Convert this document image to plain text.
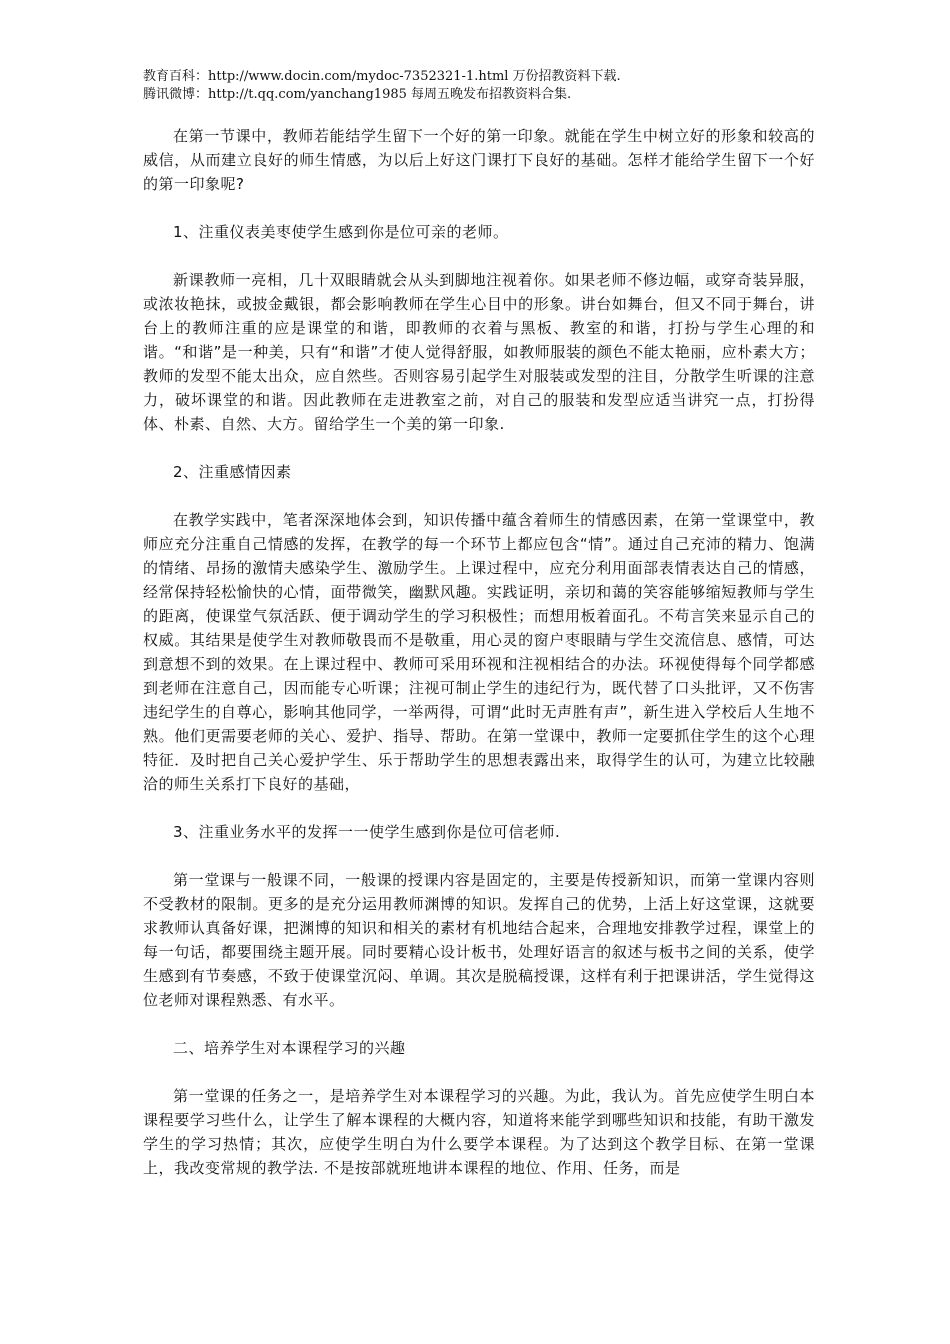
教育百科：http://www.docin.com/mydoc-7352321-1.html 万份招教资料下载.
腾讯微博：http://t.qq.com/yanchang1985 每周五晚发布招教资料合集.

在第一节课中，教师若能结学生留下一个好的第一印象。就能在学生中树立好的形象和较高的威信，从而建立良好的师生情感，为以后上好这门课打下良好的基础。怎样才能给学生留下一个好的第一印象呢?

1、注重仪表美枣使学生感到你是位可亲的老师。

新课教师一亮相，几十双眼睛就会从头到脚地注视着你。如果老师不修边幅，或穿奇装异服，或浓妆艳抹，或披金戴银，都会影响教师在学生心目中的形象。讲台如舞台，但又不同于舞台，讲台上的教师注重的应是课堂的和谐，即教师的衣着与黑板、教室的和谐，打扮与学生心理的和谐。“和谐”是一种美，只有“和谐”才使人觉得舒服，如教师服装的颜色不能太艳丽，应朴素大方；教师的发型不能太出众，应自然些。否则容易引起学生对服装或发型的注目，分散学生听课的注意力，破坏课堂的和谐。因此教师在走进教室之前，对自己的服装和发型应适当讲究一点，打扮得体、朴素、自然、大方。留给学生一个美的第一印象.

2、注重感情因素

在教学实践中，笔者深深地体会到，知识传播中蕴含着师生的情感因素，在第一堂课堂中，教师应充分注重自己情感的发挥，在教学的每一个环节上都应包含“情”。通过自己充沛的精力、饱满的情绪、昂扬的激情夫感染学生、激励学生。上课过程中，应充分利用面部表情表达自己的情感，经常保持轻松愉快的心情，面带微笑，幽默风趣。实践证明，亲切和蔼的笑容能够缩短教师与学生的距离，使课堂气氛活跃、便于调动学生的学习积极性；而想用板着面孔。不苟言笑来显示自己的权威。其结果是使学生对教师敬畏而不是敬重，用心灵的窗户枣眼睛与学生交流信息、感情，可达到意想不到的效果。在上课过程中、教师可采用环视和注视相结合的办法。环视使得每个同学都感到老师在注意自己，因而能专心听课；注视可制止学生的违纪行为，既代替了口头批评，又不伤害违纪学生的自尊心，影响其他同学，一举两得，可谓“此时无声胜有声”，新生进入学校后人生地不熟。他们更需要老师的关心、爱护、指导、帮助。在第一堂课中，教师一定要抓住学生的这个心理特征．及时把自己关心爱护学生、乐于帮助学生的思想表露出来，取得学生的认可，为建立比较融洽的师生关系打下良好的基础，

3、注重业务水平的发挥一一使学生感到你是位可信老师.

第一堂课与一般课不同，一般课的授课内容是固定的，主要是传授新知识，而第一堂课内容则不受教材的限制。更多的是充分运用教师渊博的知识。发挥自己的优势，上活上好这堂课，这就要求教师认真备好课，把渊博的知识和相关的素材有机地结合起来，合理地安排教学过程，课堂上的每一句话，都要围绕主题开展。同时要精心设计板书，处理好语言的叙述与板书之间的关系，使学生感到有节奏感，不致于使课堂沉闷、单调。其次是脱稿授课，这样有利于把课讲活，学生觉得这位老师对课程熟悉、有水平。

二、培养学生对本课程学习的兴趣

第一堂课的任务之一，是培养学生对本课程学习的兴趣。为此，我认为。首先应使学生明白本课程要学习些什么，让学生了解本课程的大概内容，知道将来能学到哪些知识和技能，有助干激发学生的学习热情；其次，应使学生明白为什么要学本课程。为了达到这个教学目标、在第一堂课上，我改变常规的教学法. 不是按部就班地讲本课程的地位、作用、任务，而是
